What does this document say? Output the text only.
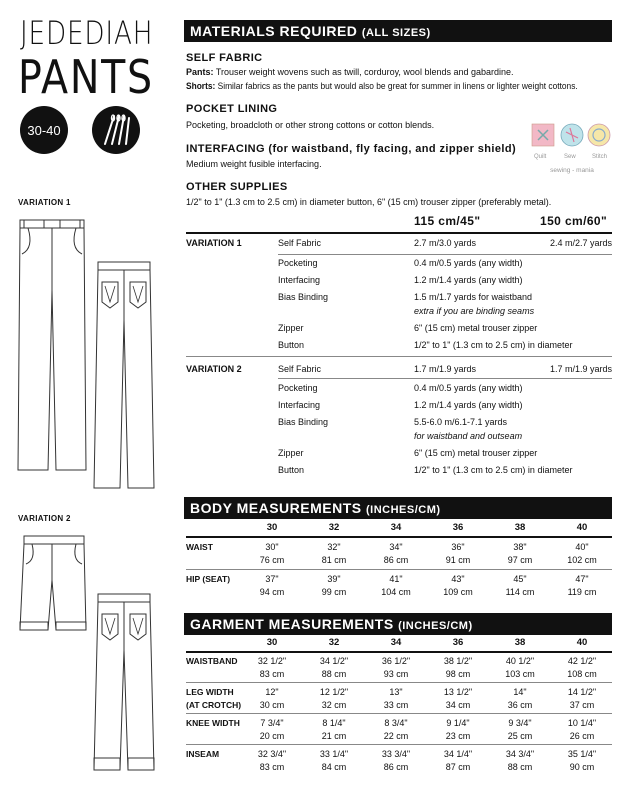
JEDEDIAH
PANTS
30-40
VARIATION 1
VARIATION 2
MATERIALS REQUIRED (ALL SIZES)
SELF FABRIC
Pants: Trouser weight wovens such as twill, corduroy, wool blends and gabardine.
Shorts: Similar fabrics as the pants but would also be great for summer in linens or lighter weight cottons.
POCKET LINING
Pocketing, broadcloth or other strong cottons or cotton blends.
INTERFACING (for waistband, fly facing, and zipper shield)
Medium weight fusible interfacing.
Quilt	Sew	Stitch
sewing - mania
OTHER SUPPLIES
1/2" to 1" (1.3 cm to 2.5 cm) in diameter button, 6" (15 cm) trouser zipper (preferably metal).
115 cm/45"	150 cm/60"
VARIATION 1	Self Fabric	2.7 m/3.0 yards	2.4 m/2.7 yards
Pocketing	0.4 m/0.5 yards (any width)
Interfacing	1.2 m/1.4 yards (any width)
Bias Binding	1.5 m/1.7 yards for waistband
extra if you are binding seams
Zipper	6" (15 cm) metal trouser zipper
Button	1/2" to 1" (1.3 cm to 2.5 cm) in diameter
VARIATION 2	Self Fabric	1.7 m/1.9 yards	1.7 m/1.9 yards
Pocketing	0.4 m/0.5 yards (any width)
Interfacing	1.2 m/1.4 yards (any width)
Bias Binding	5.5-6.0 m/6.1-7.1 yards
for waistband and outseam
Zipper	6" (15 cm) metal trouser zipper
Button	1/2" to 1" (1.3 cm to 2.5 cm) in diameter
BODY MEASUREMENTS (INCHES/CM)
30	32	34	36	38	40
WAIST	30"	32"	34"	36"	38"	40"
76 cm	81 cm	86 cm	91 cm	97 cm	102 cm
HIP (SEAT)	37"	39"	41"	43"	45"	47"
94 cm	99 cm	104 cm	109 cm	114 cm	119 cm
GARMENT MEASUREMENTS (INCHES/CM)
30	32	34	36	38	40
WAISTBAND	32 1/2"	34 1/2"	36 1/2"	38 1/2"	40 1/2"	42 1/2"
83 cm	88 cm	93 cm	98 cm	103 cm	108 cm
LEG WIDTH
(AT CROTCH)
12"	12 1/2"	13"	13 1/2"	14"	14 1/2"
30 cm	32 cm	33 cm	34 cm	36 cm	37 cm
KNEE WIDTH	7 3/4"	8 1/4"	8 3/4"	9 1/4"	9 3/4"	10 1/4"
20 cm	21 cm	22 cm	23 cm	25 cm	26 cm
INSEAM	32 3/4"	33 1/4"	33 3/4"	34 1/4"	34 3/4"	35 1/4"
83 cm	84 cm	86 cm	87 cm	88 cm	90 cm
